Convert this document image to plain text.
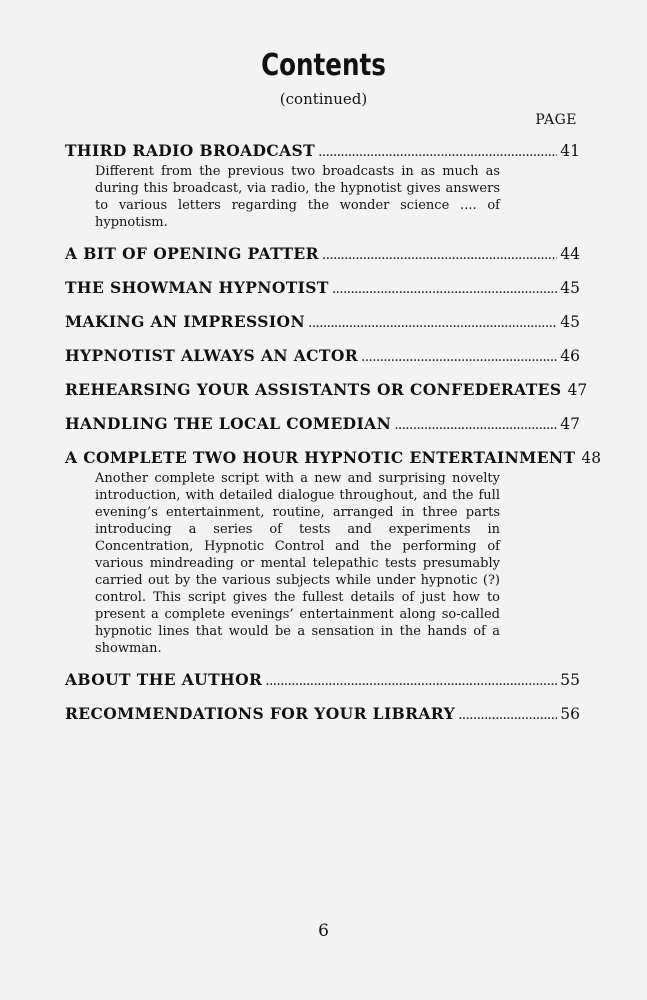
Contents
(continued)
PAGE
THIRD RADIO BROADCAST . . .	41
Different from the previous two broadcasts in as much as during this broadcast, via radio, the hypnotist gives answers to various letters regarding the wonder science .... of hypnotism.
A BIT OF OPENING PATTER . . .	44
THE SHOWMAN HYPNOTIST . . .	45
MAKING AN IMPRESSION . . .	45
HYPNOTIST ALWAYS AN ACTOR . . .	46
REHEARSING YOUR ASSISTANTS OR CONFEDERATES 47
HANDLING THE LOCAL COMEDIAN . . .	47
A COMPLETE TWO HOUR HYPNOTIC ENTERTAINMENT 48
Another complete script with a new and surprising novelty introduction, with detailed dialogue throughout, and the full evening’s entertainment, routine, arranged in three parts introducing a series of tests and experiments in Concentration, Hypnotic Control and the performing of various mindreading or mental telepathic tests presumably carried out by the various subjects while under hypnotic (?) control. This script gives the fullest details of just how to present a complete evenings’ entertainment along so-called hypnotic lines that would be a sensation in the hands of a showman.
ABOUT THE AUTHOR . . .	55
RECOMMENDATIONS FOR YOUR LIBRARY . . .	56
6
